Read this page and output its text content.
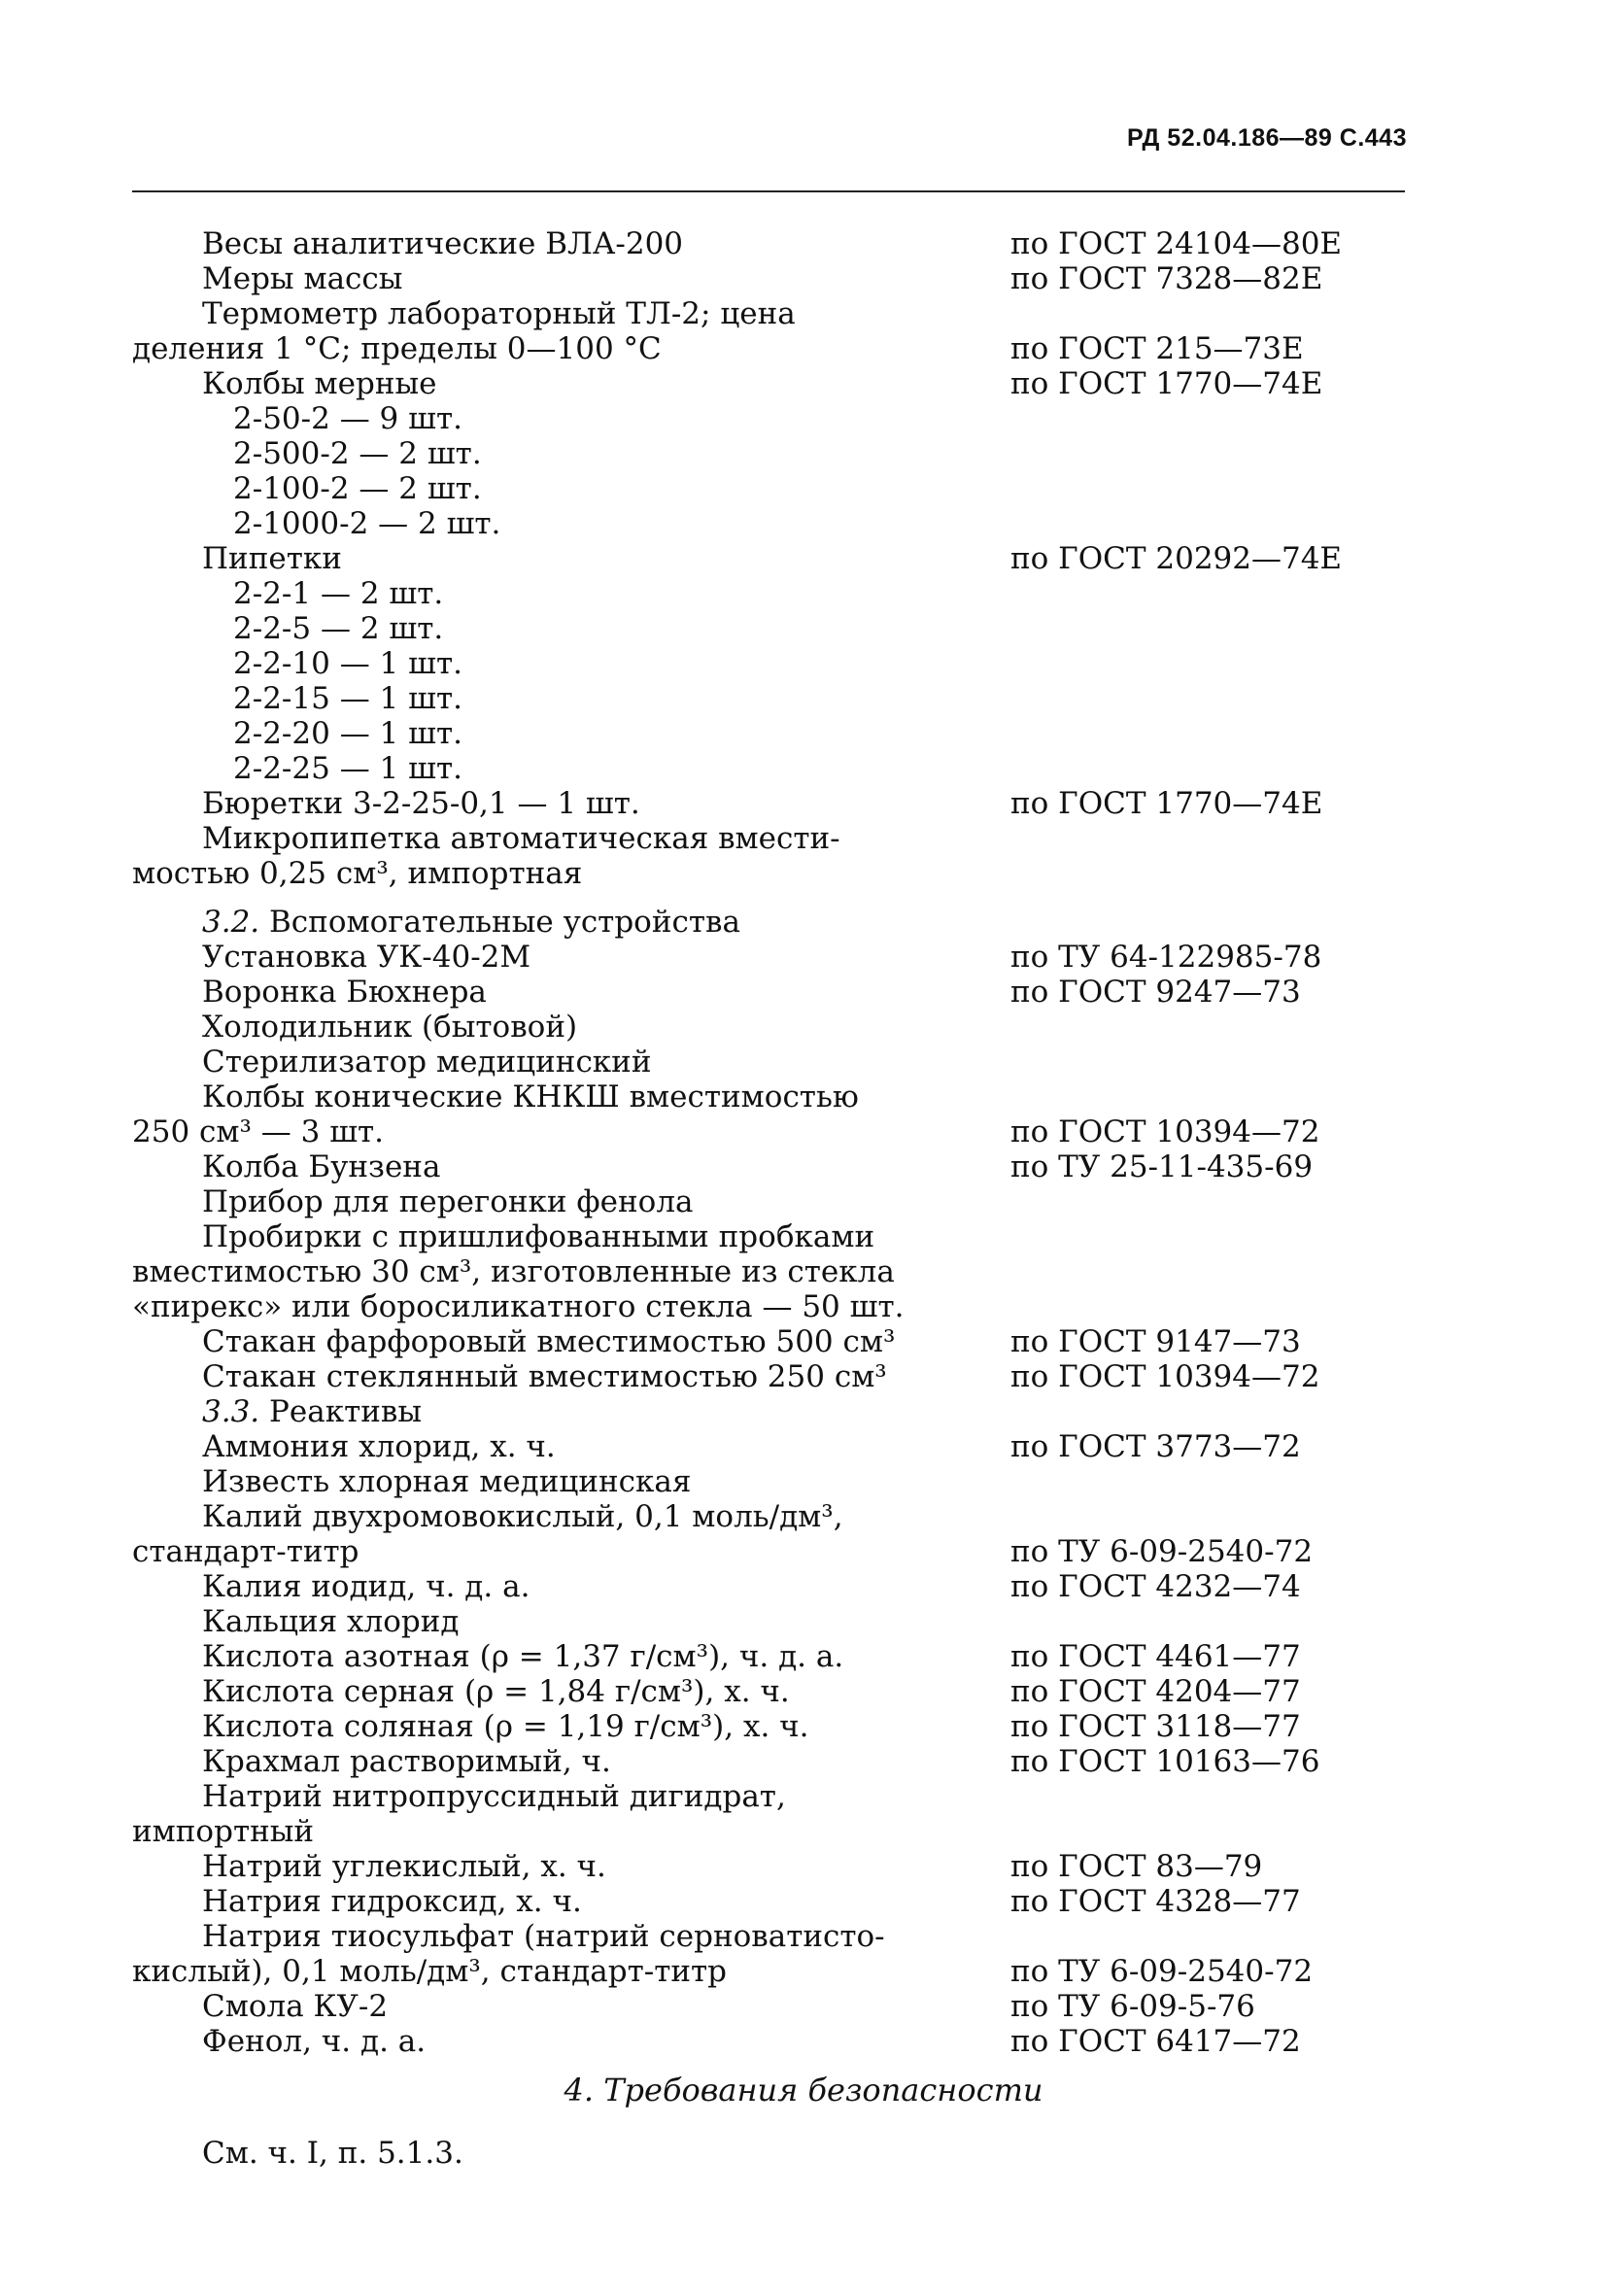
РД 52.04.186—89 С.443
Весы аналитические ВЛА-200	по ГОСТ 24104—80Е
Меры массы	по ГОСТ 7328—82Е
Термометр лабораторный ТЛ-2; цена
деления 1 °С; пределы 0—100 °С	по ГОСТ 215—73Е
Колбы мерные	по ГОСТ 1770—74Е
2-50-2 — 9 шт.
2-500-2 — 2 шт.
2-100-2 — 2 шт.
2-1000-2 — 2 шт.
Пипетки	по ГОСТ 20292—74Е
2-2-1 — 2 шт.
2-2-5 — 2 шт.
2-2-10 — 1 шт.
2-2-15 — 1 шт.
2-2-20 — 1 шт.
2-2-25 — 1 шт.
Бюретки 3-2-25-0,1 — 1 шт.	по ГОСТ 1770—74Е
Микропипетка автоматическая вмести-
мостью 0,25 см³, импортная
3.2. Вспомогательные устройства
Установка УК-40-2М	по ТУ 64-122985-78
Воронка Бюхнера	по ГОСТ 9247—73
Холодильник (бытовой)
Стерилизатор медицинский
Колбы конические КНКШ вместимостью
250 см³ — 3 шт.	по ГОСТ 10394—72
Колба Бунзена	по ТУ 25-11-435-69
Прибор для перегонки фенола
Пробирки с пришлифованными пробками
вместимостью 30 см³, изготовленные из стекла
«пирекс» или боросиликатного стекла — 50 шт.
Стакан фарфоровый вместимостью 500 см³	по ГОСТ 9147—73
Стакан стеклянный вместимостью 250 см³	по ГОСТ 10394—72
3.3. Реактивы
Аммония хлорид, х. ч.	по ГОСТ 3773—72
Известь хлорная медицинская
Калий двухромовокислый, 0,1 моль/дм³,
стандарт-титр	по ТУ 6-09-2540-72
Калия иодид, ч. д. а.	по ГОСТ 4232—74
Кальция хлорид
Кислота азотная (ρ = 1,37 г/см³), ч. д. а.	по ГОСТ 4461—77
Кислота серная (ρ = 1,84 г/см³), х. ч.	по ГОСТ 4204—77
Кислота соляная (ρ = 1,19 г/см³), х. ч.	по ГОСТ 3118—77
Крахмал растворимый, ч.	по ГОСТ 10163—76
Натрий нитропруссидный дигидрат,
импортный
Натрий углекислый, х. ч.	по ГОСТ 83—79
Натрия гидроксид, х. ч.	по ГОСТ 4328—77
Натрия тиосульфат (натрий серноватисто-
кислый), 0,1 моль/дм³, стандарт-титр	по ТУ 6-09-2540-72
Смола КУ-2	по ТУ 6-09-5-76
Фенол, ч. д. а.	по ГОСТ 6417—72
4. Требования безопасности
См. ч. I, п. 5.1.3.
